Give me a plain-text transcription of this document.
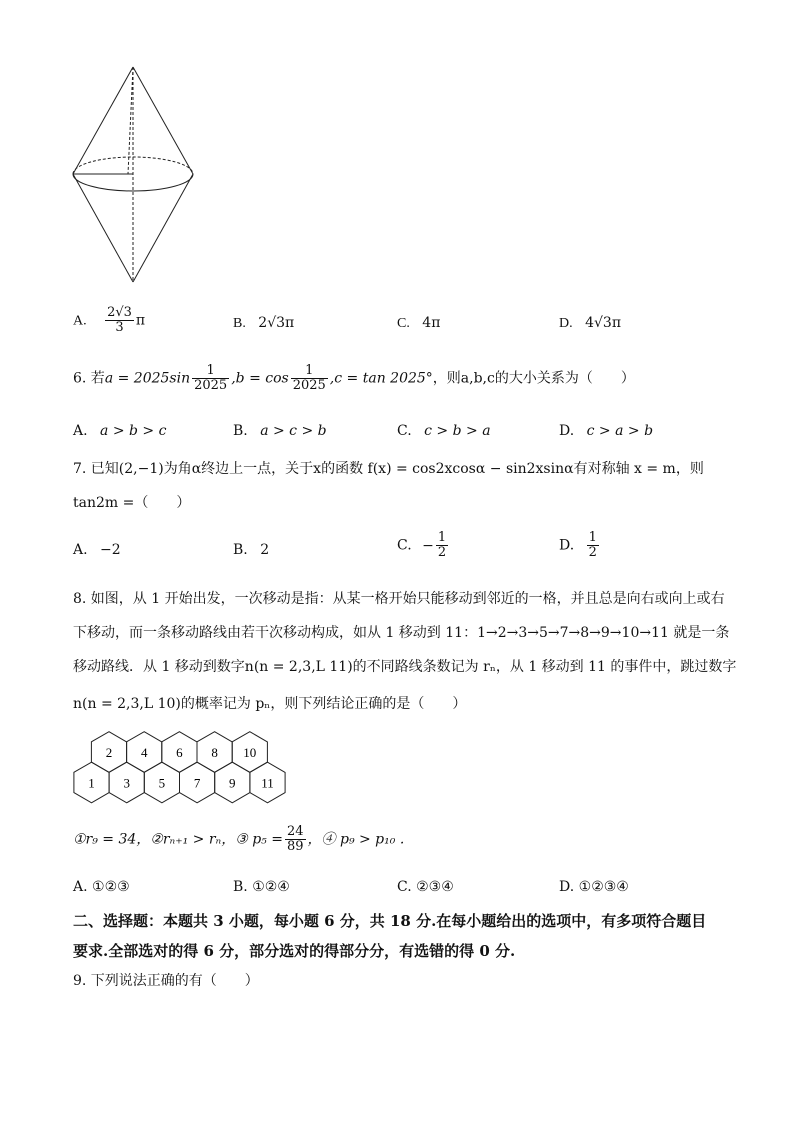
A. $\frac{2√3}{3}$ π	B. 2√3π	C. 4π	D. 4√3π
6. 若$a = 2025\sin \frac{1}{2025} ,b = \cos \frac{1}{2025} ,c = \tan 2025^\circ$，则a,b,c的大小关系为（　　）
A. a > b > c	B. a > c > b	C. c > b > a	D. c > a > b
7. 已知(2,−1)为角α终边上一点，关于x的函数 f(x) = cos2xcosα − sin2xsinα有对称轴 x = m，则
tan2m =（　　）
A. −2	B. 2	C. − $\frac{1}{2}$	D. $\frac{1}{2}$
8. 如图，从 1 开始出发，一次移动是指：从某一格开始只能移动到邻近的一格，并且总是向右或向上或右
下移动，而一条移动路线由若干次移动构成，如从 1 移动到 11：1→2→3→5→7→8→9→10→11 就是一条
移动路线．从 1 移动到数字n(n = 2,3,L 11)的不同路线条数记为 rₙ，从 1 移动到 11 的事件中，跳过数字
n(n = 2,3,L 10)的概率记为 pₙ，则下列结论正确的是（　　）
2 4 6 8 10
1 3 5 7 9 11
①r₉ = 34，②rₙ₊₁ > rₙ，③ $p_5 = \frac{24}{89}$ ，④ p₉ > p₁₀ .
A. ①②③	B. ①②④	C. ②③④	D. ①②③④
二、选择题：本题共 3 小题，每小题 6 分，共 18 分.在每小题给出的选项中，有多项符合题目
要求.全部选对的得 6 分，部分选对的得部分分，有选错的得 0 分.
9. 下列说法正确的有（　　）
